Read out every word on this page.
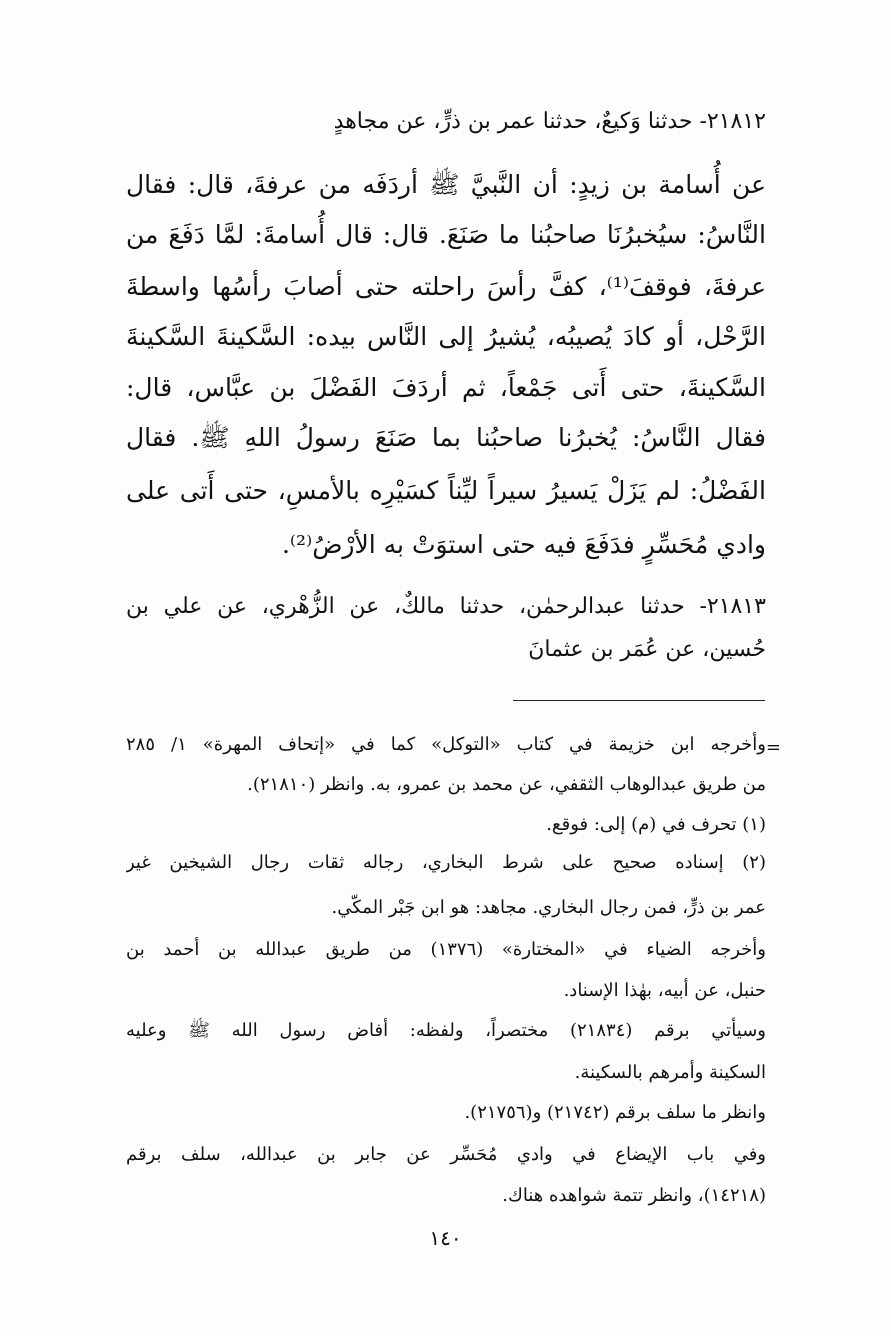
٢١٨١٢- حدثنا وَكيعٌ، حدثنا عمر بن ذرٍّ، عن مجاهدٍ
عن أُسامة بن زيدٍ: أن النَّبيَّ ﷺ أردَفَه من عرفةَ، قال: فقال
النَّاسُ: سيُخبرُنَا صاحبُنا ما صَنَعَ. قال: قال أُسامةَ: لمَّا دَفَعَ من
عرفةَ، فوقفَ⁽¹⁾، كفَّ رأسَ راحلته حتى أصابَ رأسُها واسطةَ
الرَّحْل، أو كادَ يُصيبُه، يُشيرُ إلى النَّاس بيده: السَّكينةَ السَّكينةَ
السَّكينةَ، حتى أَتى جَمْعاً، ثم أردَفَ الفَضْلَ بن عبَّاس، قال:
فقال النَّاسُ: يُخبرُنا صاحبُنا بما صَنَعَ رسولُ اللهِ ﷺ. فقال
الفَضْلُ: لم يَزَلْ يَسيرُ سيراً ليِّناً كسَيْرِه بالأمسِ، حتى أَتى على
وادي مُحَسِّرٍ فدَفَعَ فيه حتى استوَتْ به الأرْضُ⁽²⁾.
٢١٨١٣- حدثنا عبدالرحمٰن، حدثنا مالكٌ، عن الزُّهْري، عن علي بن
حُسين، عن عُمَر بن عثمانَ
=
وأخرجه ابن خزيمة في كتاب «التوكل» كما في «إتحاف المهرة» ١/ ٢٨٥
من طريق عبدالوهاب الثقفي، عن محمد بن عمرو، به. وانظر (٢١٨١٠).
(١) تحرف في (م) إلى: فوقع.
(٢) إسناده صحيح على شرط البخاري، رجاله ثقات رجال الشيخين غير
عمر بن ذرٍّ، فمن رجال البخاري. مجاهد: هو ابن جَبْر المكّي.
وأخرجه الضياء في «المختارة» (١٣٧٦) من طريق عبدالله بن أحمد بن
حنبل، عن أبيه، بهٰذا الإسناد.
وسيأتي برقم (٢١٨٣٤) مختصراً، ولفظه: أفاض رسول الله ﷺ وعليه
السكينة وأمرهم بالسكينة.
وانظر ما سلف برقم (٢١٧٤٢) و(٢١٧٥٦).
وفي باب الإيضاع في وادي مُحَسِّر عن جابر بن عبدالله، سلف برقم
(١٤٢١٨)، وانظر تتمة شواهده هناك.
١٤٠
